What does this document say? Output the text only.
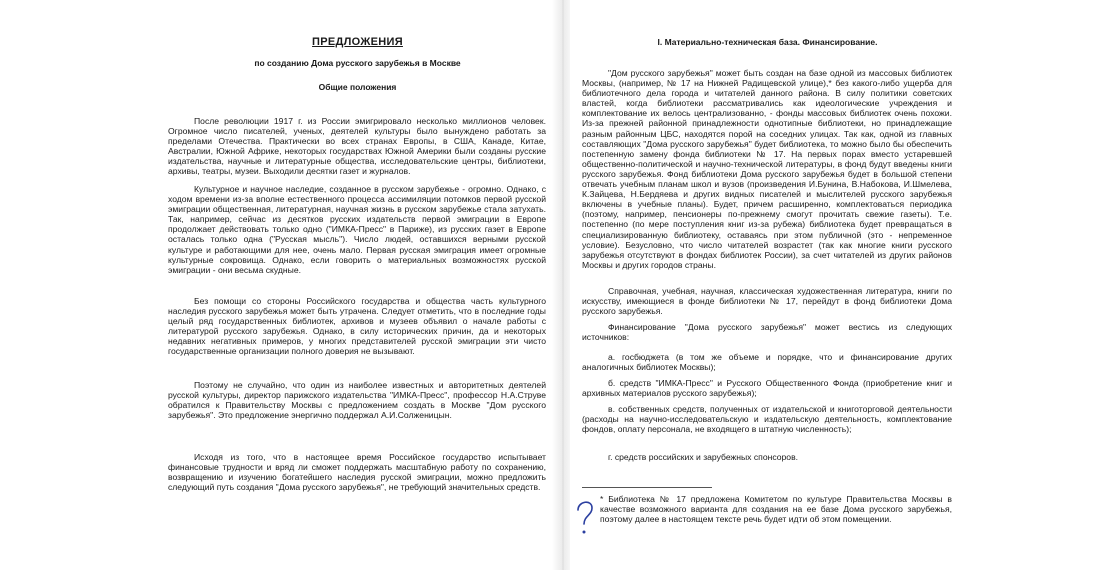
ПРЕДЛОЖЕНИЯ
по созданию Дома русского зарубежья в Москве
Общие положения

После революции 1917 г. из России эмигрировало несколько миллионов человек. Огромное число писателей, ученых, деятелей культуры было вынуждено работать за пределами Отечества. Практически во всех странах Европы, в США, Канаде, Китае, Австралии, Южной Африке, некоторых государствах Южной Америки были созданы русские издательства, научные и литературные общества, исследовательские центры, библиотеки, архивы, театры, музеи. Выходили десятки газет и журналов.

Культурное и научное наследие, созданное в русском зарубежье - огромно. Однако, с ходом времени из-за вполне естественного процесса ассимиляции потомков первой русской эмиграции общественная, литературная, научная жизнь в русском зарубежье стала затухать. Так, например, сейчас из десятков русских издательств первой эмиграции в Европе продолжает действовать только одно ("ИМКА-Пресс" в Париже), из русских газет в Европе осталась только одна ("Русская мысль"). Число людей, оставшихся верными русской культуре и работающими для нее, очень мало. Первая русская эмиграция имеет огромные культурные сокровища. Однако, если говорить о материальных возможностях русской эмиграции - они весьма скудные.

Без помощи со стороны Российского государства и общества часть культурного наследия русского зарубежья может быть утрачена. Следует отметить, что в последние годы целый ряд государственных библиотек, архивов и музеев объявил о начале работы с литературой русского зарубежья. Однако, в силу исторических причин, да и некоторых недавних негативных примеров, у многих представителей русской эмиграции эти чисто государственные организации полного доверия не вызывают.

Поэтому не случайно, что один из наиболее известных и авторитетных деятелей русской культуры, директор парижского издательства "ИМКА-Пресс", профессор Н.А.Струве обратился к Правительству Москвы с предложением создать в Москве "Дом русского зарубежья". Это предложение энергично поддержал А.И.Солженицын.

Исходя из того, что в настоящее время Российское государство испытывает финансовые трудности и вряд ли сможет поддержать масштабную работу по сохранению, возвращению и изучению богатейшего наследия русской эмиграции, можно предложить следующий путь создания "Дома русского зарубежья", не требующий значительных средств.

I. Материально-техническая база. Финансирование.

"Дом русского зарубежья" может быть создан на базе одной из массовых библиотек Москвы, (например, № 17 на Нижней Радищевской улице),* без какого-либо ущерба для библиотечного дела города и читателей данного района. В силу политики советских властей, когда библиотеки рассматривались как идеологические учреждения и комплектование их велось централизованно, - фонды массовых библиотек очень похожи. Из-за прежней районной принадлежности однотипные библиотеки, но принадлежащие разным районным ЦБС, находятся порой на соседних улицах. Так как, одной из главных составляющих "Дома русского зарубежья" будет библиотека, то можно было бы обеспечить постепенную замену фонда библиотеки № 17. На первых порах вместо устаревшей общественно-политической и научно-технической литературы, в фонд будут введены книги русского зарубежья. Фонд библиотеки Дома русского зарубежья будет в большой степени отвечать учебным планам школ и вузов (произведения И.Бунина, В.Набокова, И.Шмелева, К.Зайцева, Н.Бердяева и других видных писателей и мыслителей русского зарубежья включены в учебные планы). Будет, причем расширенно, комплектоваться периодика (поэтому, например, пенсионеры по-прежнему смогут прочитать свежие газеты). Т.е. постепенно (по мере поступления книг из-за рубежа) библиотека будет превращаться в специализированную библиотеку, оставаясь при этом публичной (это - непременное условие). Безусловно, что число читателей возрастет (так как многие книги русского зарубежья отсутствуют в фондах библиотек России), за счет читателей из других районов Москвы и других городов страны.

Справочная, учебная, научная, классическая художественная литература, книги по искусству, имеющиеся в фонде библиотеки № 17, перейдут в фонд библиотеки Дома русского зарубежья.

Финансирование "Дома русского зарубежья" может вестись из следующих источников:

а. госбюджета (в том же объеме и порядке, что и финансирование других аналогичных библиотек Москвы);

б. средств "ИМКА-Пресс" и Русского Общественного Фонда (приобретение книг и архивных материалов русского зарубежья);

в. собственных средств, полученных от издательской и книготорговой деятельности (расходы на научно-исследовательскую и издательскую деятельность, комплектование фондов, оплату персонала, не входящего в штатную численность);

г. средств российских и зарубежных спонсоров.

* Библиотека № 17 предложена Комитетом по культуре Правительства Москвы в качестве возможного варианта для создания на ее базе Дома русского зарубежья, поэтому далее в настоящем тексте речь будет идти об этом помещении.
